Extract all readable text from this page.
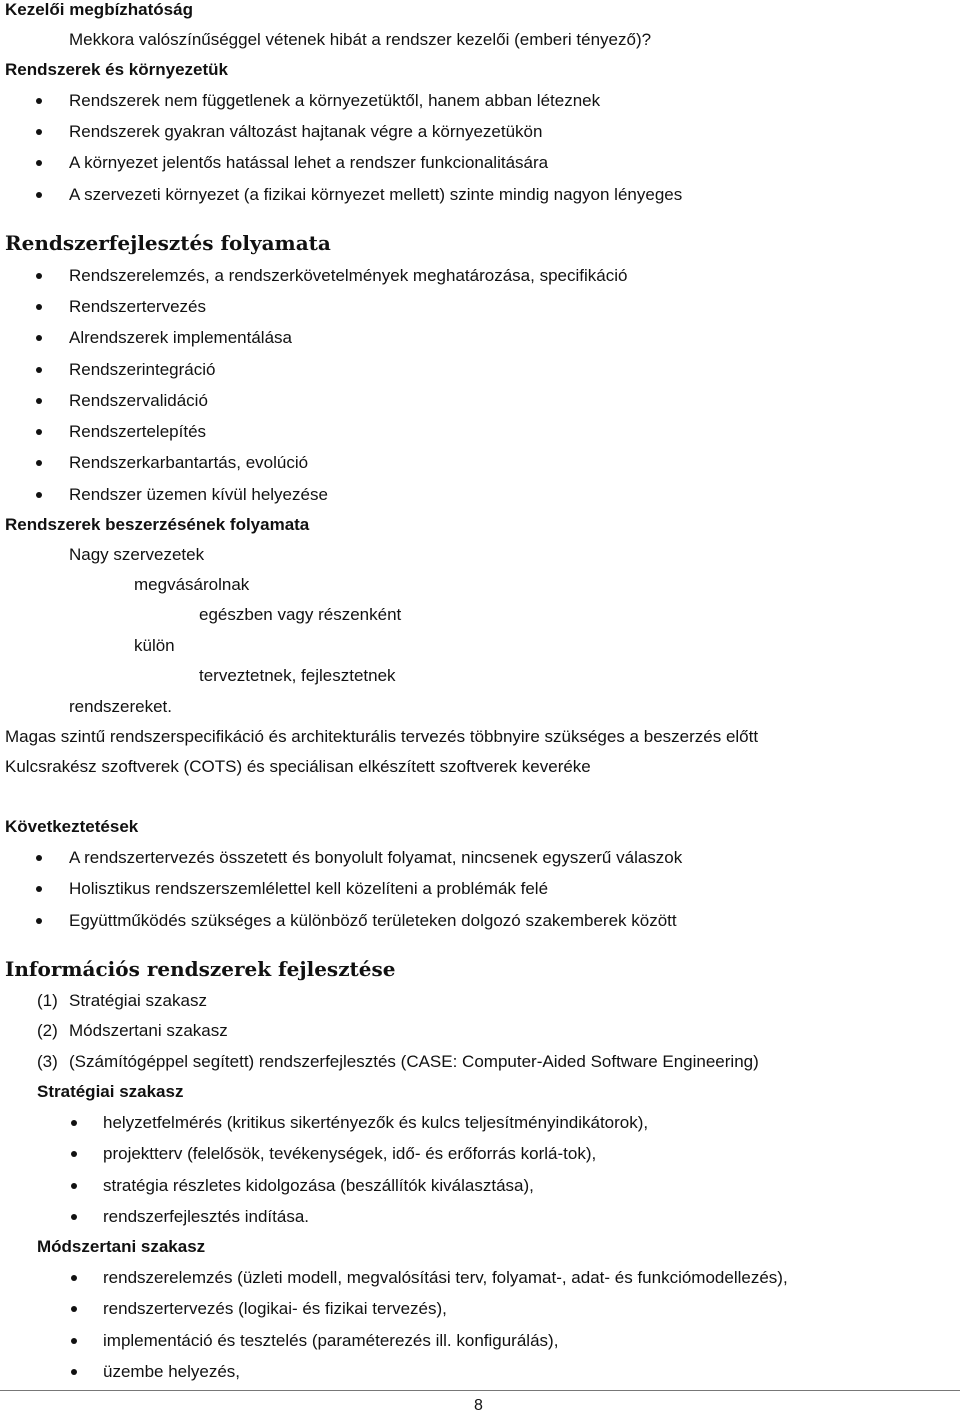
Kezelői megbízhatóság
Mekkora valószínűséggel vétenek hibát a rendszer kezelői (emberi tényező)?
Rendszerek és környezetük
Rendszerek nem függetlenek a környezetüktől, hanem abban léteznek
Rendszerek gyakran változást hajtanak végre a környezetükön
A környezet jelentős hatással lehet a rendszer funkcionalitására
A szervezeti környezet (a fizikai környezet mellett) szinte mindig nagyon lényeges
Rendszerfejlesztés folyamata
Rendszerelemzés, a rendszerkövetelmények meghatározása, specifikáció
Rendszertervezés
Alrendszerek implementálása
Rendszerintegráció
Rendszervalidáció
Rendszertelepítés
Rendszerkarbantartás, evolúció
Rendszer üzemen kívül helyezése
Rendszerek beszerzésének folyamata
Nagy szervezetek
megvásárolnak
egészben vagy részenként
külön
terveztetnek, fejlesztetnek
rendszereket.
Magas szintű rendszerspecifikáció és architekturális tervezés többnyire szükséges a beszerzés előtt
Kulcsrakész szoftverek (COTS) és speciálisan elkészített szoftverek keveréke
Következtetések
A rendszertervezés összetett és bonyolult folyamat, nincsenek egyszerű válaszok
Holisztikus rendszerszemlélettel kell közelíteni a problémák felé
Együttműködés szükséges a különböző területeken dolgozó szakemberek között
Információs rendszerek fejlesztése
(1) Stratégiai szakasz
(2) Módszertani szakasz
(3) (Számítógéppel segített) rendszerfejlesztés (CASE: Computer-Aided Software Engineering)
Stratégiai szakasz
helyzetfelmérés (kritikus sikertényezők és kulcs teljesítményindikátorok),
projektterv (felelősök, tevékenységek, idő- és erőforrás korlá-tok),
stratégia részletes kidolgozása (beszállítók kiválasztása),
rendszerfejlesztés indítása.
Módszertani szakasz
rendszerelemzés (üzleti modell, megvalósítási terv, folyamat-, adat- és funkciómodellezés),
rendszertervezés (logikai- és fizikai tervezés),
implementáció és tesztelés (paraméterezés ill. konfigurálás),
üzembe helyezés,
8
